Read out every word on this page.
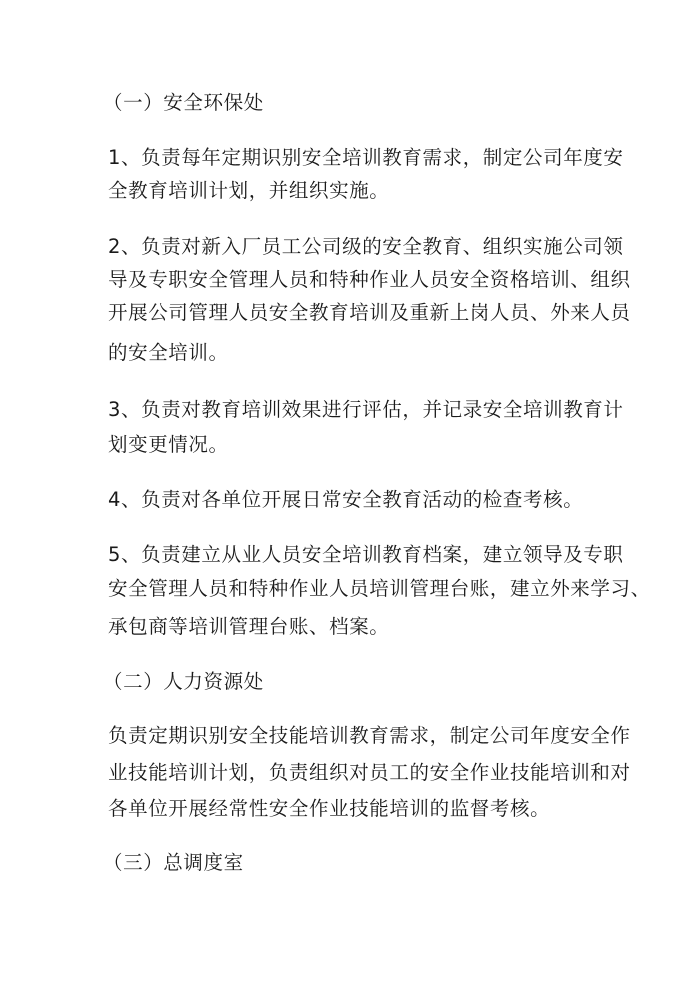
（一）安全环保处
1、负责每年定期识别安全培训教育需求，制定公司年度安
全教育培训计划，并组织实施。
2、负责对新入厂员工公司级的安全教育、组织实施公司领
导及专职安全管理人员和特种作业人员安全资格培训、组织
开展公司管理人员安全教育培训及重新上岗人员、外来人员
的安全培训。
3、负责对教育培训效果进行评估，并记录安全培训教育计
划变更情况。
4、负责对各单位开展日常安全教育活动的检查考核。
5、负责建立从业人员安全培训教育档案，建立领导及专职
安全管理人员和特种作业人员培训管理台账，建立外来学习、
承包商等培训管理台账、档案。
（二）人力资源处
负责定期识别安全技能培训教育需求，制定公司年度安全作
业技能培训计划，负责组织对员工的安全作业技能培训和对
各单位开展经常性安全作业技能培训的监督考核。
（三）总调度室
